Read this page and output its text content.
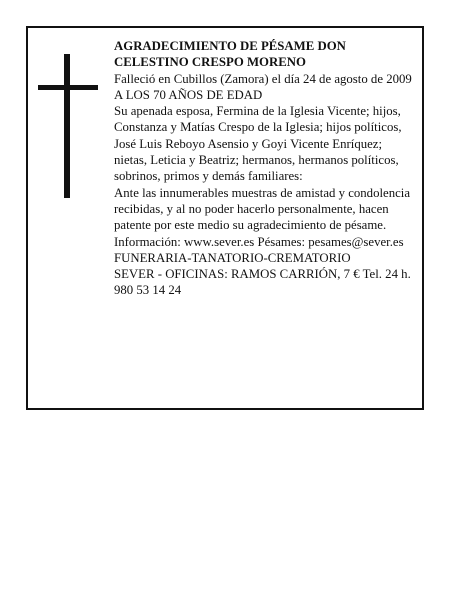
AGRADECIMIENTO DE PÉSAME DON CELESTINO CRESPO MORENO

Falleció en Cubillos (Zamora) el día 24 de agosto de 2009

A LOS 70 AÑOS DE EDAD

Su apenada esposa, Fermina de la Iglesia Vicente; hijos, Constanza y Matías Crespo de la Iglesia; hijos políticos, José Luis Reboyo Asensio y Goyi Vicente Enríquez; nietas, Leticia y Beatriz; hermanos, hermanos políticos, sobrinos, primos y demás familiares:

Ante las innumerables muestras de amistad y condolencia recibidas, y al no poder hacerlo personalmente, hacen patente por este medio su agradecimiento de pésame.

Información: www.sever.es Pésames: pesames@sever.es

FUNERARIA-TANATORIO-CREMATORIO

SEVER - OFICINAS: RAMOS CARRIÓN, 7 € Tel. 24 h. 980 53 14 24
